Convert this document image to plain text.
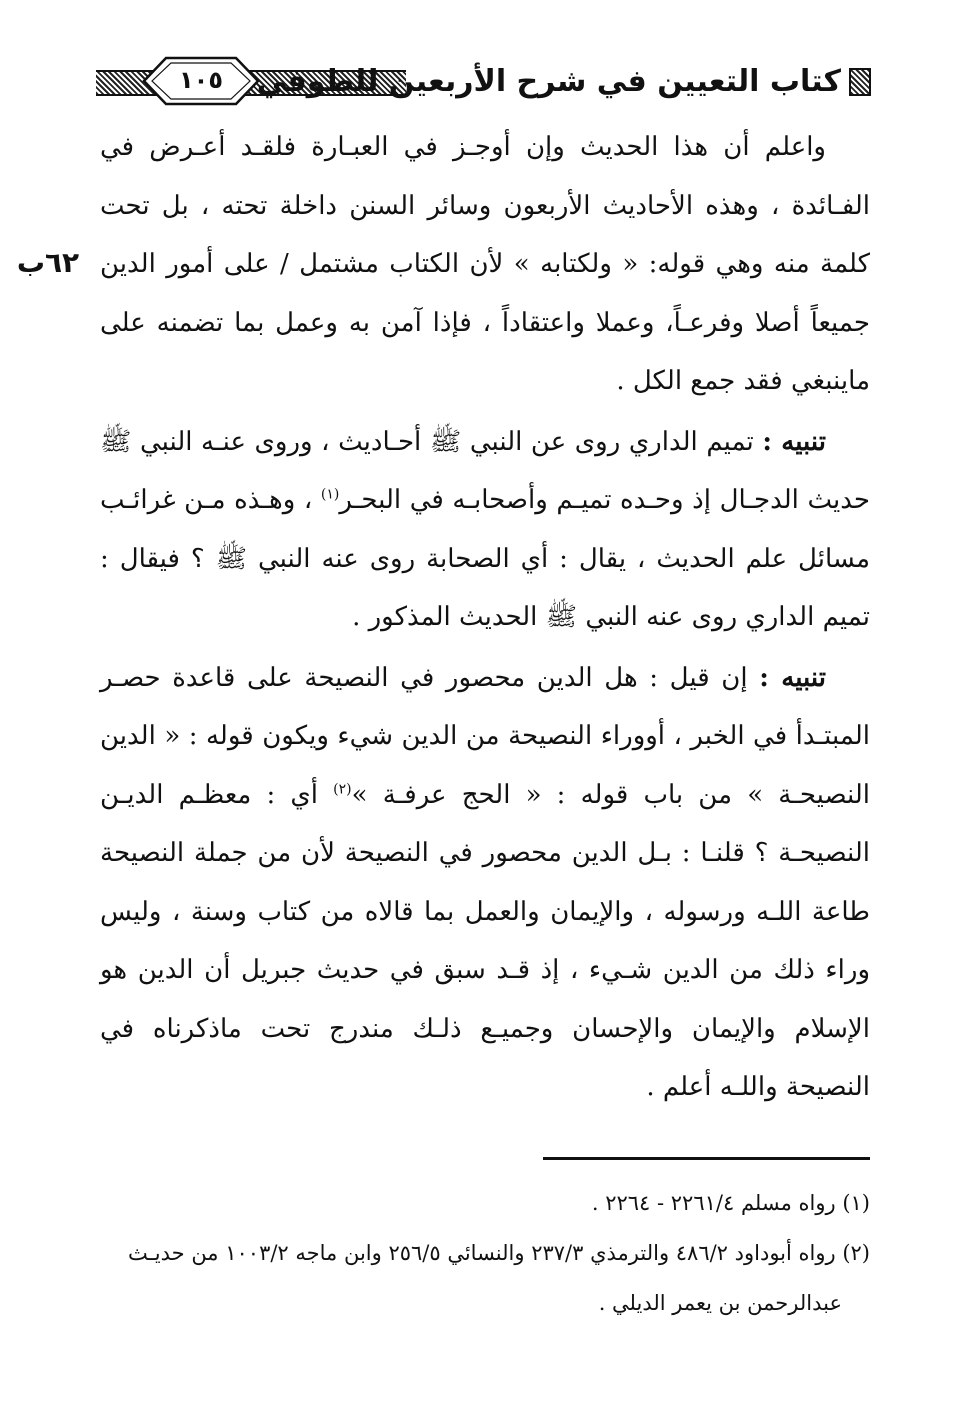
١٠٥	كتاب التعيين في شرح الأربعين للطوفي
٦٢ب

واعلم أن هذا الحديث وإن أوجـز في العبـارة فلقـد أعـرض في الفـائدة ، وهذه الأحاديث الأربعون وسائر السنن داخلة تحته ، بل تحت كلمة منه وهي قوله: « ولكتابه » لأن الكتاب مشتمل / على أمور الدين جميعاً أصلا وفرعـاً، وعملا واعتقاداً ، فإذا آمن به وعمل بما تضمنه على ماينبغي فقد جمع الكل .

تنبيه : تميم الداري روى عن النبي ﷺ أحـاديث ، وروى عنـه النبي ﷺ حديث الدجـال إذ وحـده تميـم وأصحابـه في البحـر$^{(١)}$ ، وهـذه مـن غرائـب مسائل علم الحديث ، يقال : أي الصحابة روى عنه النبي ﷺ ؟ فيقال : تميم الداري روى عنه النبي ﷺ الحديث المذكور .

تنبيه : إن قيل : هل الدين محصور في النصيحة على قاعدة حصـر المبتـدأ في الخبر ، أووراء النصيحة من الدين شيء ويكون قوله : « الدين النصيحـة » من باب قوله : « الحج عرفـة »$^{(٢)}$ أي : معظـم الديـن النصيحـة ؟ قلنـا : بـل الدين محصور في النصيحة لأن من جملة النصيحة طاعة اللـه ورسوله ، والإيمان والعمل بما قالاه من كتاب وسنة ، وليس وراء ذلك من الدين شـيء ، إذ قـد سبق في حديث جبريل أن الدين هو الإسلام والإيمان والإحسان وجميـع ذلـك مندرج تحت ماذكرناه في النصيحة واللـه أعلم .

(١) رواه مسلم ٢٢٦١/٤ - ٢٢٦٤ .

(٢) رواه أبوداود ٤٨٦/٢ والترمذي ٢٣٧/٣ والنسائي ٢٥٦/٥ وابن ماجه ١٠٠٣/٢ من حديـث

عبدالرحمن بن يعمر الديلي .
